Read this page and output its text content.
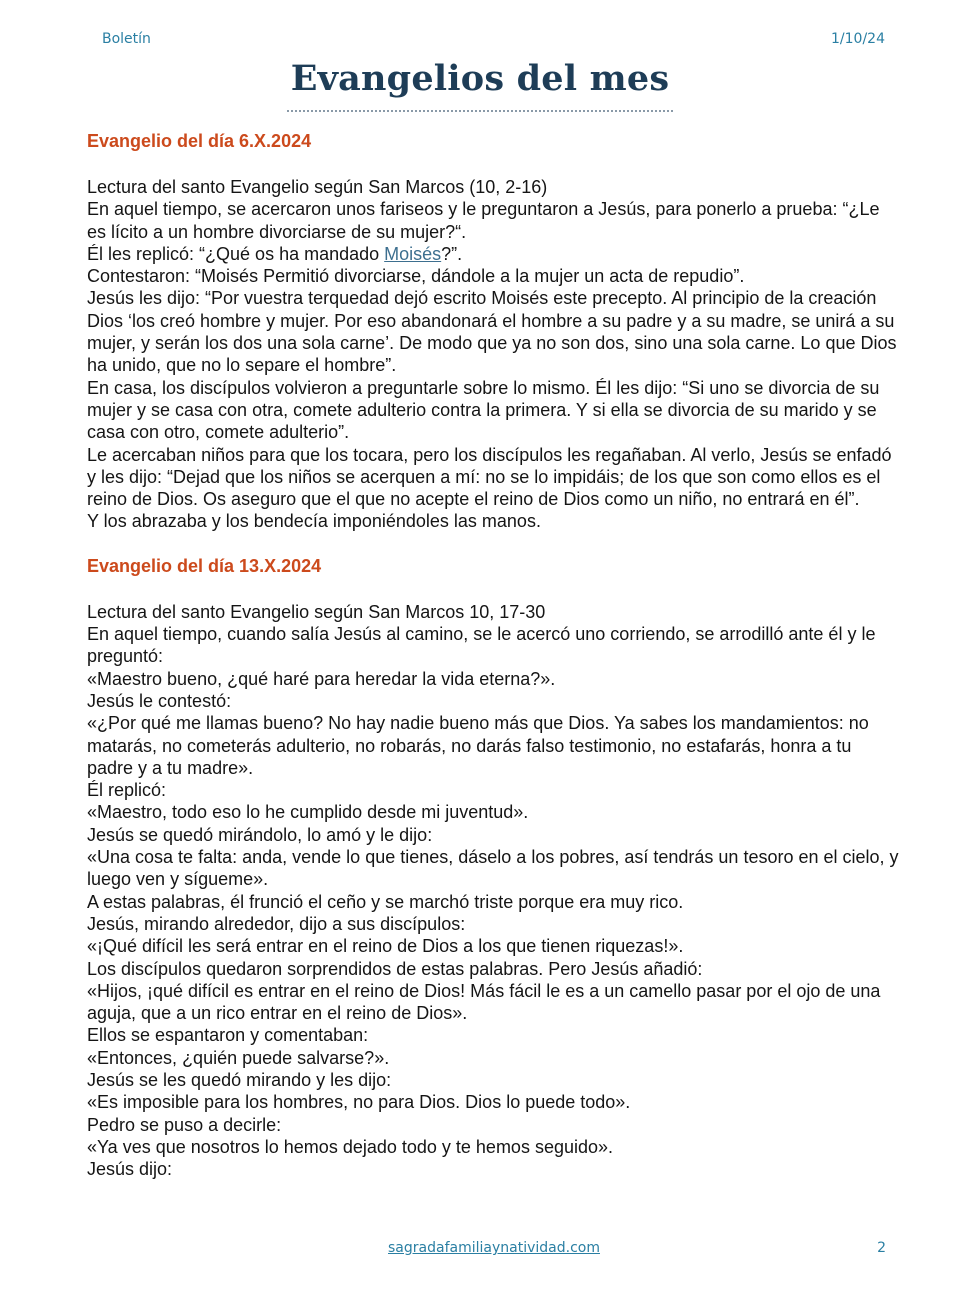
Boletín	1/10/24
Evangelios del mes
Evangelio del día 6.X.2024
Lectura del santo Evangelio según San Marcos (10, 2-16)
En aquel tiempo, se acercaron unos fariseos y le preguntaron a Jesús, para ponerlo a prueba: “¿Le es lícito a un hombre divorciarse de su mujer?“.
Él les replicó: “¿Qué os ha mandado Moisés?”.
Contestaron: “Moisés Permitió divorciarse, dándole a la mujer un acta de repudio”.
Jesús les dijo: “Por vuestra terquedad dejó escrito Moisés este precepto. Al principio de la creación Dios ‘los creó hombre y mujer. Por eso abandonará el hombre a su padre y a su madre, se unirá a su mujer, y serán los dos una sola carne’. De modo que ya no son dos, sino una sola carne. Lo que Dios ha unido, que no lo separe el hombre”.
En casa, los discípulos volvieron a preguntarle sobre lo mismo. Él les dijo: “Si uno se divorcia de su mujer y se casa con otra, comete adulterio contra la primera. Y si ella se divorcia de su marido y se casa con otro, comete adulterio”.
Le acercaban niños para que los tocara, pero los discípulos les regañaban. Al verlo, Jesús se enfadó y les dijo: “Dejad que los niños se acerquen a mí: no se lo impidáis; de los que son como ellos es el reino de Dios. Os aseguro que el que no acepte el reino de Dios como un niño, no entrará en él”.
Y los abrazaba y los bendecía imponiéndoles las manos.
Evangelio del día 13.X.2024
Lectura del santo Evangelio según San Marcos 10, 17-30
En aquel tiempo, cuando salía Jesús al camino, se le acercó uno corriendo, se arrodilló ante él y le preguntó:
«Maestro bueno, ¿qué haré para heredar la vida eterna?».
Jesús le contestó:
«¿Por qué me llamas bueno? No hay nadie bueno más que Dios. Ya sabes los mandamientos: no matarás, no cometerás adulterio, no robarás, no darás falso testimonio, no estafarás, honra a tu padre y a tu madre».
Él replicó:
«Maestro, todo eso lo he cumplido desde mi juventud».
Jesús se quedó mirándolo, lo amó y le dijo:
«Una cosa te falta: anda, vende lo que tienes, dáselo a los pobres, así tendrás un tesoro en el cielo, y luego ven y sígueme».
A estas palabras, él frunció el ceño y se marchó triste porque era muy rico.
Jesús, mirando alrededor, dijo a sus discípulos:
«¡Qué difícil les será entrar en el reino de Dios a los que tienen riquezas!».
Los discípulos quedaron sorprendidos de estas palabras. Pero Jesús añadió:
«Hijos, ¡qué difícil es entrar en el reino de Dios! Más fácil le es a un camello pasar por el ojo de una aguja, que a un rico entrar en el reino de Dios».
Ellos se espantaron y comentaban:
«Entonces, ¿quién puede salvarse?».
Jesús se les quedó mirando y les dijo:
«Es imposible para los hombres, no para Dios. Dios lo puede todo».
Pedro se puso a decirle:
«Ya ves que nosotros lo hemos dejado todo y te hemos seguido».
Jesús dijo:
sagradafamiliaynatividad.com	2
